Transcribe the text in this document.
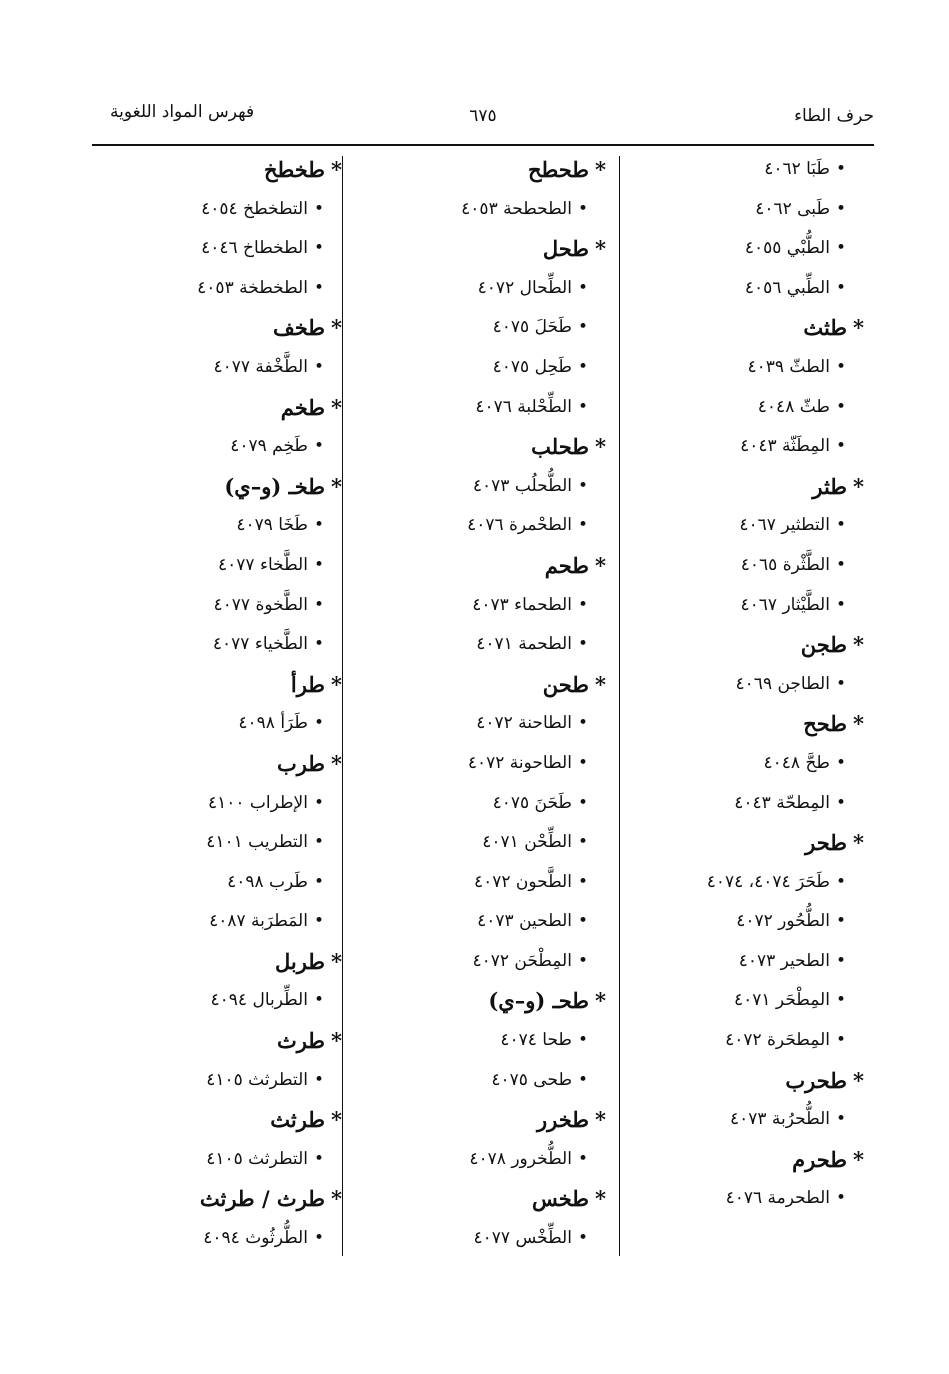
حرف الطاء
٦٧٥
فهرس المواد اللغوية
•طَبَا ٤٠٦٢
•طَبى ٤٠٦٢
•الطُّبْي ٤٠٥٥
•الطِّبي ٤٠٥٦
*طثث
•الطثّ ٤٠٣٩
•طثّ ٤٠٤٨
•المِطَثّة ٤٠٤٣
*طثر
•التطثير ٤٠٦٧
•الطَّثْرة ٤٠٦٥
•الطَّيْثار ٤٠٦٧
*طجن
•الطاجن ٤٠٦٩
*طحح
•طحَّ ٤٠٤٨
•المِطحّة ٤٠٤٣
*طحر
•طَحَرَ ٤٠٧٤، ٤٠٧٤
•الطُّحُور ٤٠٧٢
•الطحير ٤٠٧٣
•المِطْحَر ٤٠٧١
•المِطحَرة ٤٠٧٢
*طحرب
•الطُّحرُبة ٤٠٧٣
*طحرم
•الطحرمة ٤٠٧٦
*طحطح
•الطحطحة ٤٠٥٣
*طحل
•الطِّحال ٤٠٧٢
•طَحَلَ ٤٠٧٥
•طَحِل ٤٠٧٥
•الطِّحْلبة ٤٠٧٦
*طحلب
•الطُّحلُب ٤٠٧٣
•الطحْمرة ٤٠٧٦
*طحم
•الطحماء ٤٠٧٣
•الطحمة ٤٠٧١
*طحن
•الطاحنة ٤٠٧٢
•الطاحونة ٤٠٧٢
•طَحَنَ ٤٠٧٥
•الطِّحْن ٤٠٧١
•الطَّحون ٤٠٧٢
•الطحين ٤٠٧٣
•المِطْحَن ٤٠٧٢
*طحـ (و–ي)
•طحا ٤٠٧٤
•طحى ٤٠٧٥
*طخرر
•الطُّخرور ٤٠٧٨
*طخس
•الطِّخْس ٤٠٧٧
*طخطخ
•التطخطخ ٤٠٥٤
•الطخطاخ ٤٠٤٦
•الطخطخة ٤٠٥٣
*طخف
•الطَّخْفة ٤٠٧٧
*طخم
•طَخِم ٤٠٧٩
*طخـ (و–ي)
•طَخَا ٤٠٧٩
•الطَّخاء ٤٠٧٧
•الطَّخوة ٤٠٧٧
•الطَّخياء ٤٠٧٧
*طرأ
•طَرَأ ٤٠٩٨
*طرب
•الإطراب ٤١٠٠
•التطريب ٤١٠١
•طَرب ٤٠٩٨
•المَطرَبة ٤٠٨٧
*طربل
•الطِّربال ٤٠٩٤
*طرث
•التطرثث ٤١٠٥
*طرثث
•التطرثث ٤١٠٥
*طرث / طرثث
•الطُّرثُوث ٤٠٩٤
